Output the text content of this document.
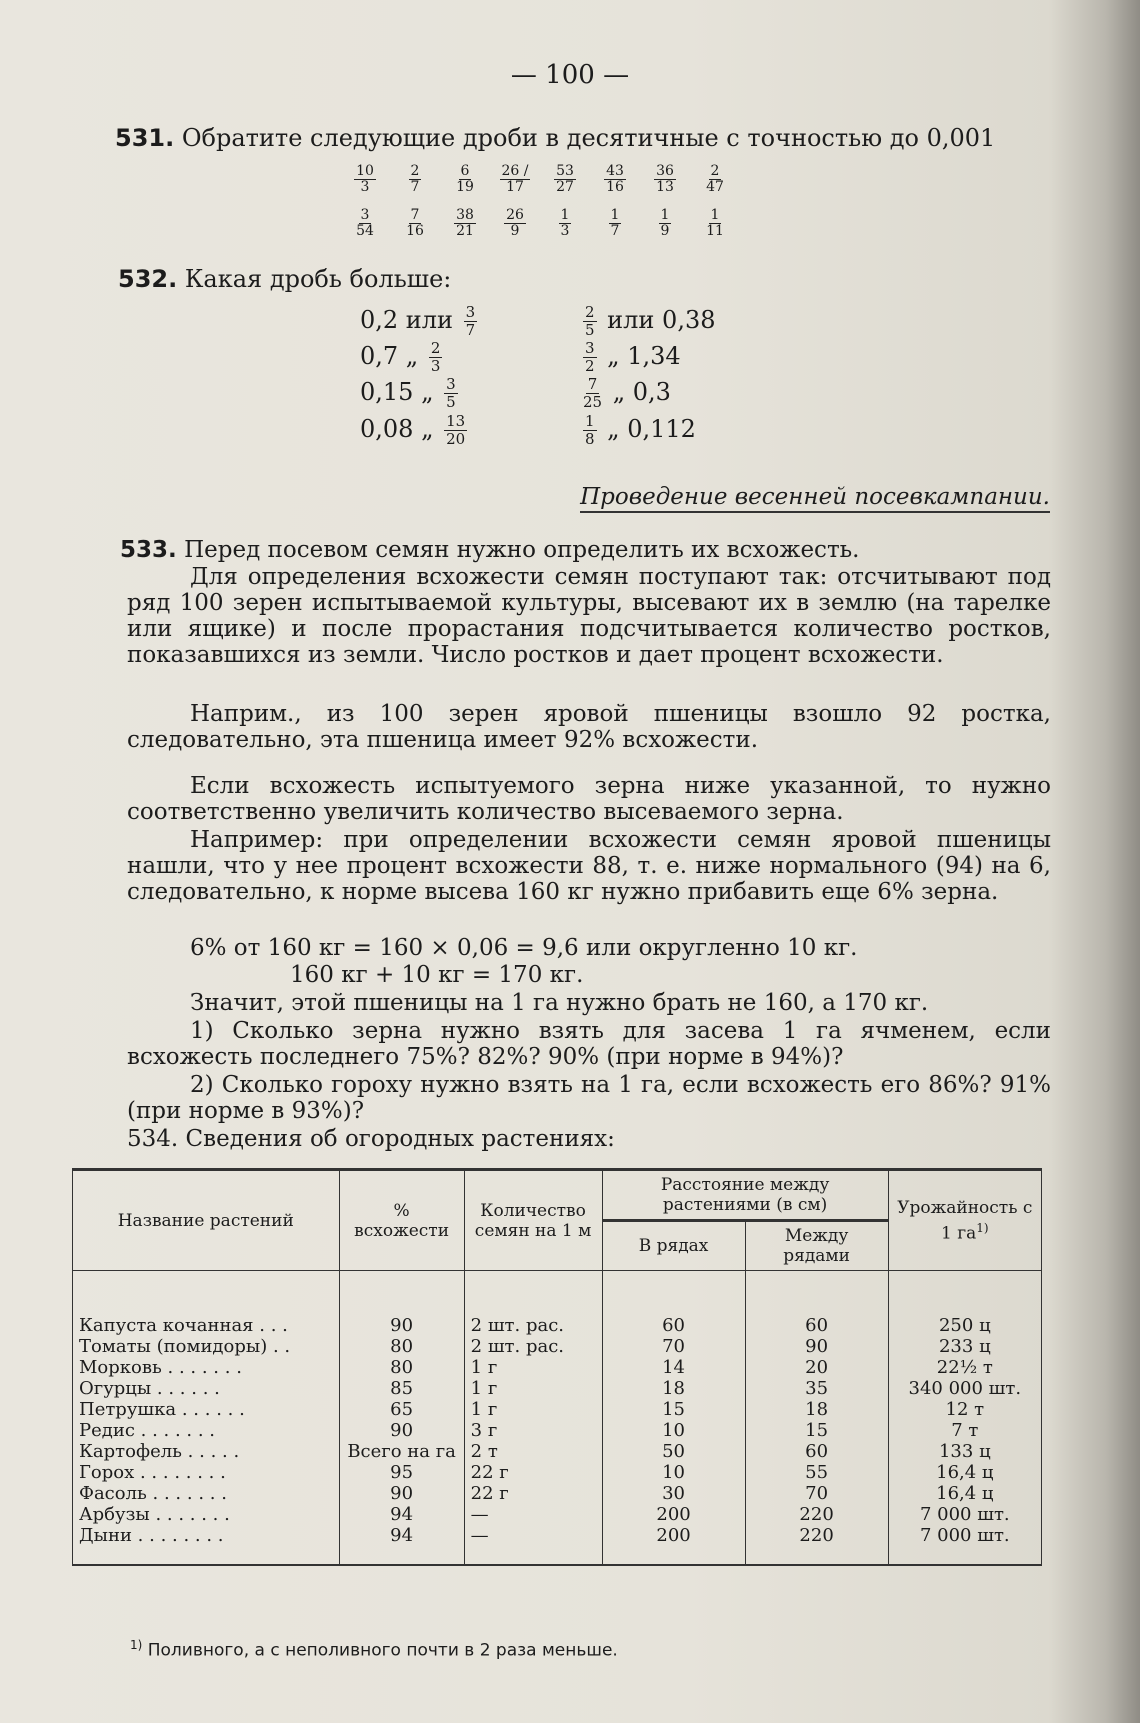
— 100 —
531. Обратите следующие дроби в десятичные с точностью до 0,001
$\frac{10}{3} \frac{2}{7} \frac{6}{19} \frac{26 /}{17} \frac{53}{27} \frac{43}{16} \frac{36}{13} \frac{2}{47}$
$\frac{3}{54} \frac{7}{16} \frac{38}{21} \frac{26}{9} \frac{1}{3}$	$\frac{1}{7}$	$\frac{1}{9} \frac{1}{11}$
532. Какая дробь больше:
0,2 или $\frac{3}{7}$
0,7 „ $\frac{2}{3}$
0,15 „ $\frac{3}{5}$
0,08 „ $\frac{13}{20}$
$\frac{2}{5}$ или 0,38
$\frac{3}{2}$ „ 1,34
$\frac{7}{25}$ „ 0,3
$\frac{1}{8}$ „ 0,112
Проведение весенней посевкампании.
533. Перед посевом семян нужно определить их всхожесть.
Для определения всхожести семян поступают так: отсчитывают под ряд 100 зерен испытываемой культуры, высевают их в землю (на тарелке или ящике) и после прорастания подсчитывается количество ростков, показавшихся из земли. Число ростков и дает процент всхожести.
Наприм., из 100 зерен яровой пшеницы взошло 92 ростка, следовательно, эта пшеница имеет 92% всхожести.
Если всхожесть испытуемого зерна ниже указанной, то нужно соответственно увеличить количество высеваемого зерна.
Например: при определении всхожести семян яровой пшеницы нашли, что у нее процент всхожести 88, т. е. ниже нормального (94) на 6, следовательно, к норме высева 160 кг нужно прибавить еще 6% зерна.
6% от 160 кг = 160 × 0,06 = 9,6 или округленно 10 кг.
160 кг + 10 кг = 170 кг.
Значит, этой пшеницы на 1 га нужно брать не 160, а 170 кг.
1) Сколько зерна нужно взять для засева 1 га ячменем, если всхожесть последнего 75%? 82%? 90% (при норме в 94%)?
2) Сколько гороху нужно взять на 1 га, если всхожесть его 86%? 91% (при норме в 93%)?
534. Сведения об огородных растениях:
Название растений	% всхожести	Количество семян на 1 м	Расстояние между растениями (в см)		Урожайность с 1 $га^{1)}$
			В рядах	Между рядами	
Капуста кочанная . . .	90	2 шт. рас.	60	60	250 ц
Томаты (помидоры) . .	80	2 шт. рас.	70	90	233 ц
Морковь . . . . . . .	80	1 г	14	20	22½ т
Огурцы . . . . . .	85	1 г	18	35	340 000 шт.
Петрушка . . . . . .	65	1 г	15	18	12 т
Редис . . . . . . .	90	3 г	10	15	7 т
Картофель . . . . .	Всего на га	2 т	50	60	133 ц
Горох . . . . . . . .	95	22 г	10	55	16,4 ц
Фасоль . . . . . . .	90	22 г	30	70	16,4 ц
Арбузы . . . . . . .	94	—	200	220	7 000 шт.
Дыни . . . . . . . .	94	—	200	220	7 000 шт.
$^{1)}$ Поливного, а с неполивного почти в 2 раза меньше.
